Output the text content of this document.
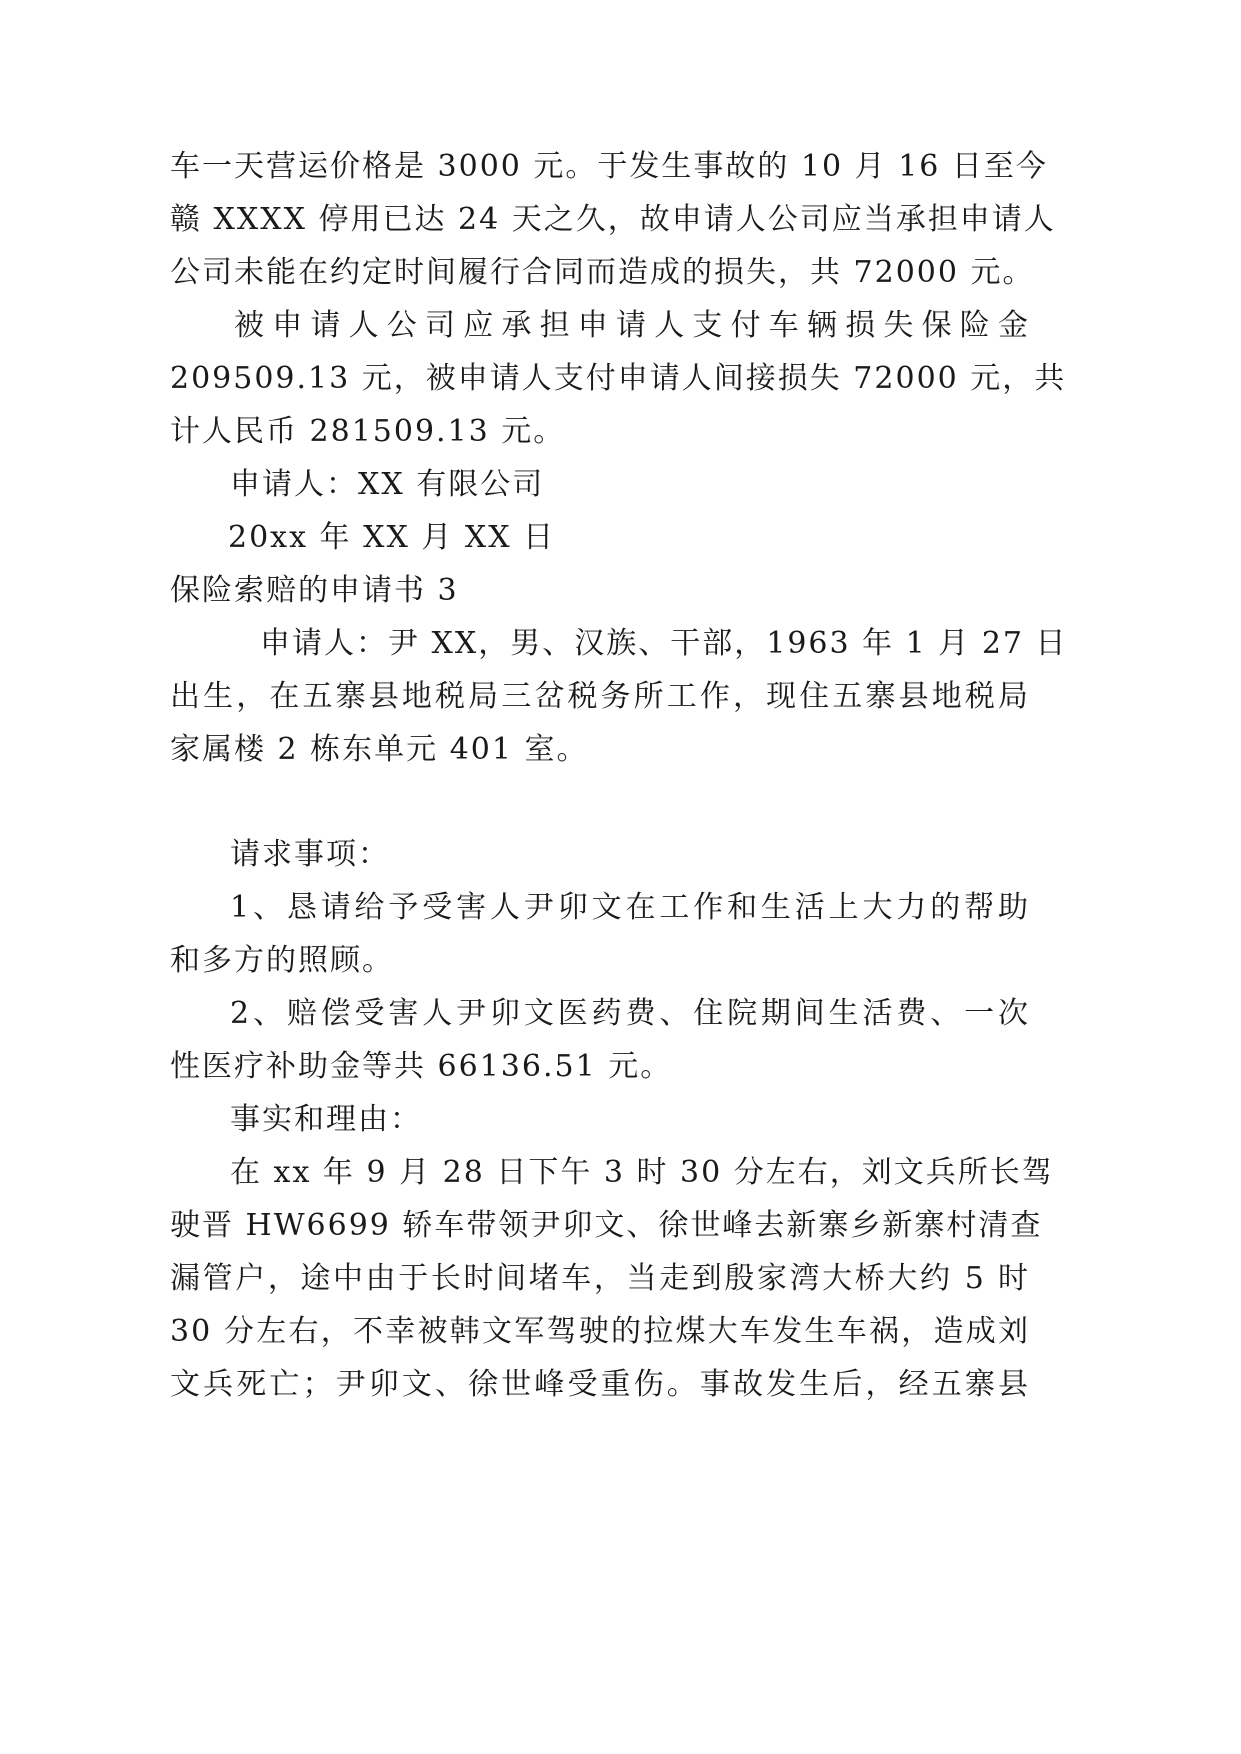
车一天营运价格是 3000 元。于发生事故的 10 月 16 日至今
赣 XXXX 停用已达 24 天之久，故申请人公司应当承担申请人
公司未能在约定时间履行合同而造成的损失，共 72000 元。
被申请人公司应承担申请人支付车辆损失保险金
209509.13 元，被申请人支付申请人间接损失 72000 元，共
计人民币 281509.13 元。
申请人：XX 有限公司
20xx 年 XX 月 XX 日
保险索赔的申请书 3
申请人：尹 XX，男、汉族、干部，1963 年 1 月 27 日
出生，在五寨县地税局三岔税务所工作，现住五寨县地税局
家属楼 2 栋东单元 401 室。
请求事项：
1、恳请给予受害人尹卯文在工作和生活上大力的帮助
和多方的照顾。
2、赔偿受害人尹卯文医药费、住院期间生活费、一次
性医疗补助金等共 66136.51 元。
事实和理由：
在 xx 年 9 月 28 日下午 3 时 30 分左右，刘文兵所长驾
驶晋 HW6699 轿车带领尹卯文、徐世峰去新寨乡新寨村清查
漏管户，途中由于长时间堵车，当走到殷家湾大桥大约 5 时
30 分左右，不幸被韩文军驾驶的拉煤大车发生车祸，造成刘
文兵死亡；尹卯文、徐世峰受重伤。事故发生后，经五寨县
